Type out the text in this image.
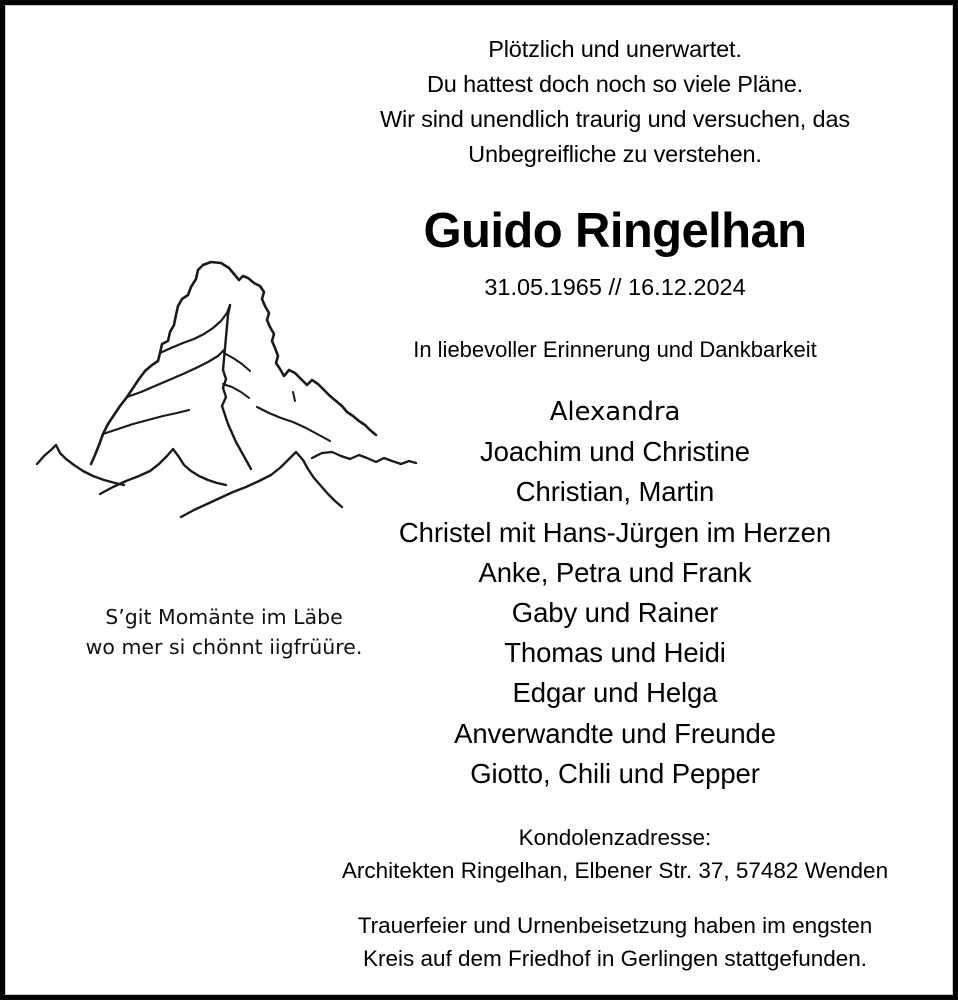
Plötzlich und unerwartet.
Du hattest doch noch so viele Pläne.
Wir sind unendlich traurig und versuchen, das
Unbegreifliche zu verstehen.
Guido Ringelhan
31.05.1965 // 16.12.2024
In liebevoller Erinnerung und Dankbarkeit
S’git Momänte im Läbe
wo mer si chönnt iigfrüüre.
Alexandra
Joachim und Christine
Christian, Martin
Christel mit Hans-Jürgen im Herzen
Anke, Petra und Frank
Gaby und Rainer
Thomas und Heidi
Edgar und Helga
Anverwandte und Freunde
Giotto, Chili und Pepper
Kondolenzadresse:
Architekten Ringelhan, Elbener Str. 37, 57482 Wenden
Trauerfeier und Urnenbeisetzung haben im engsten
Kreis auf dem Friedhof in Gerlingen stattgefunden.
